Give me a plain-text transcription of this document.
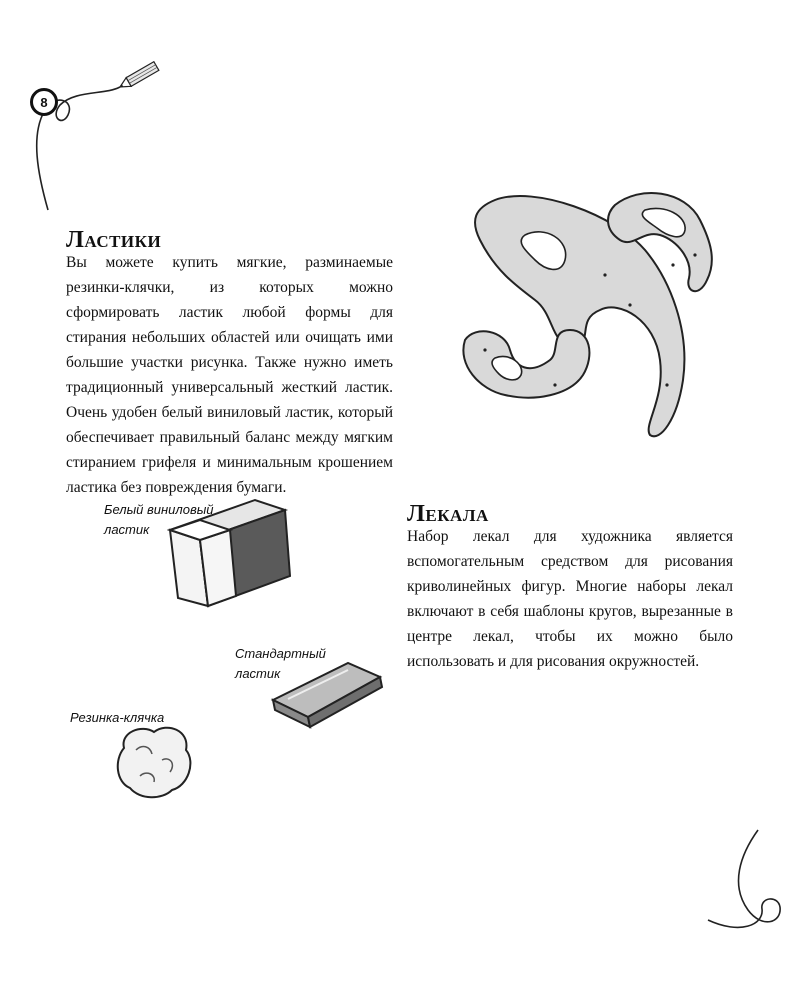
8
Ластики

Вы можете купить мягкие, разминаемые резинки-клячки, из которых можно сформировать ластик любой формы для стирания небольших областей или очищать ими большие участки рисунка. Также нужно иметь традиционный универсальный жесткий ластик. Очень удобен белый виниловый ластик, который обеспечивает правильный баланс между мягким стиранием грифеля и минимальным крошением ластика без повреждения бумаги.

Белый виниловый ластик
Стандартный ластик
Резинка-клячка
Лекала

Набор лекал для художника является вспомогательным средством для рисования криволинейных фигур. Многие наборы лекал включают в себя шаблоны кругов, вырезанные в центре лекал, чтобы их можно было использовать и для рисования окружностей.
